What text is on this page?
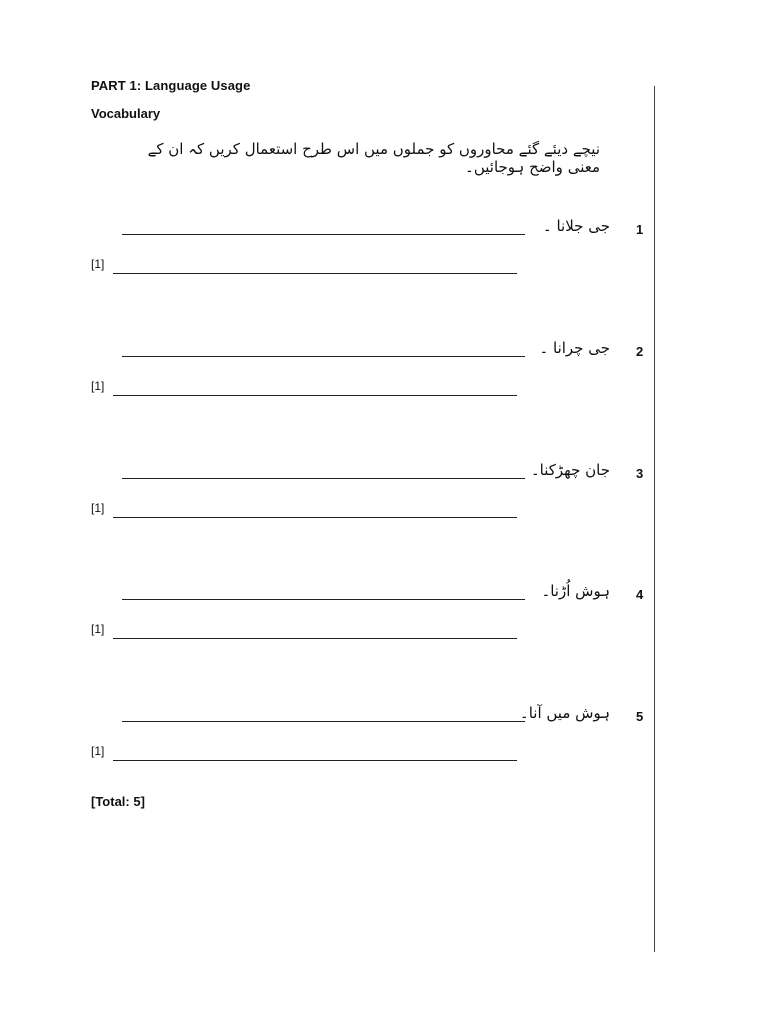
PART 1: Language Usage
Vocabulary
نیچے دیئے گئے محاوروں کو جملوں میں اس طرح استعمال کریں کہ ان کے معنی واضح ہوجائیں۔
1
جی جلانا ۔
[1]
2
جی چرانا ۔
[1]
3
جان چھڑکنا۔
[1]
4
ہوش اُڑنا۔
[1]
5
ہوش میں آنا۔
[1]
[Total: 5]
